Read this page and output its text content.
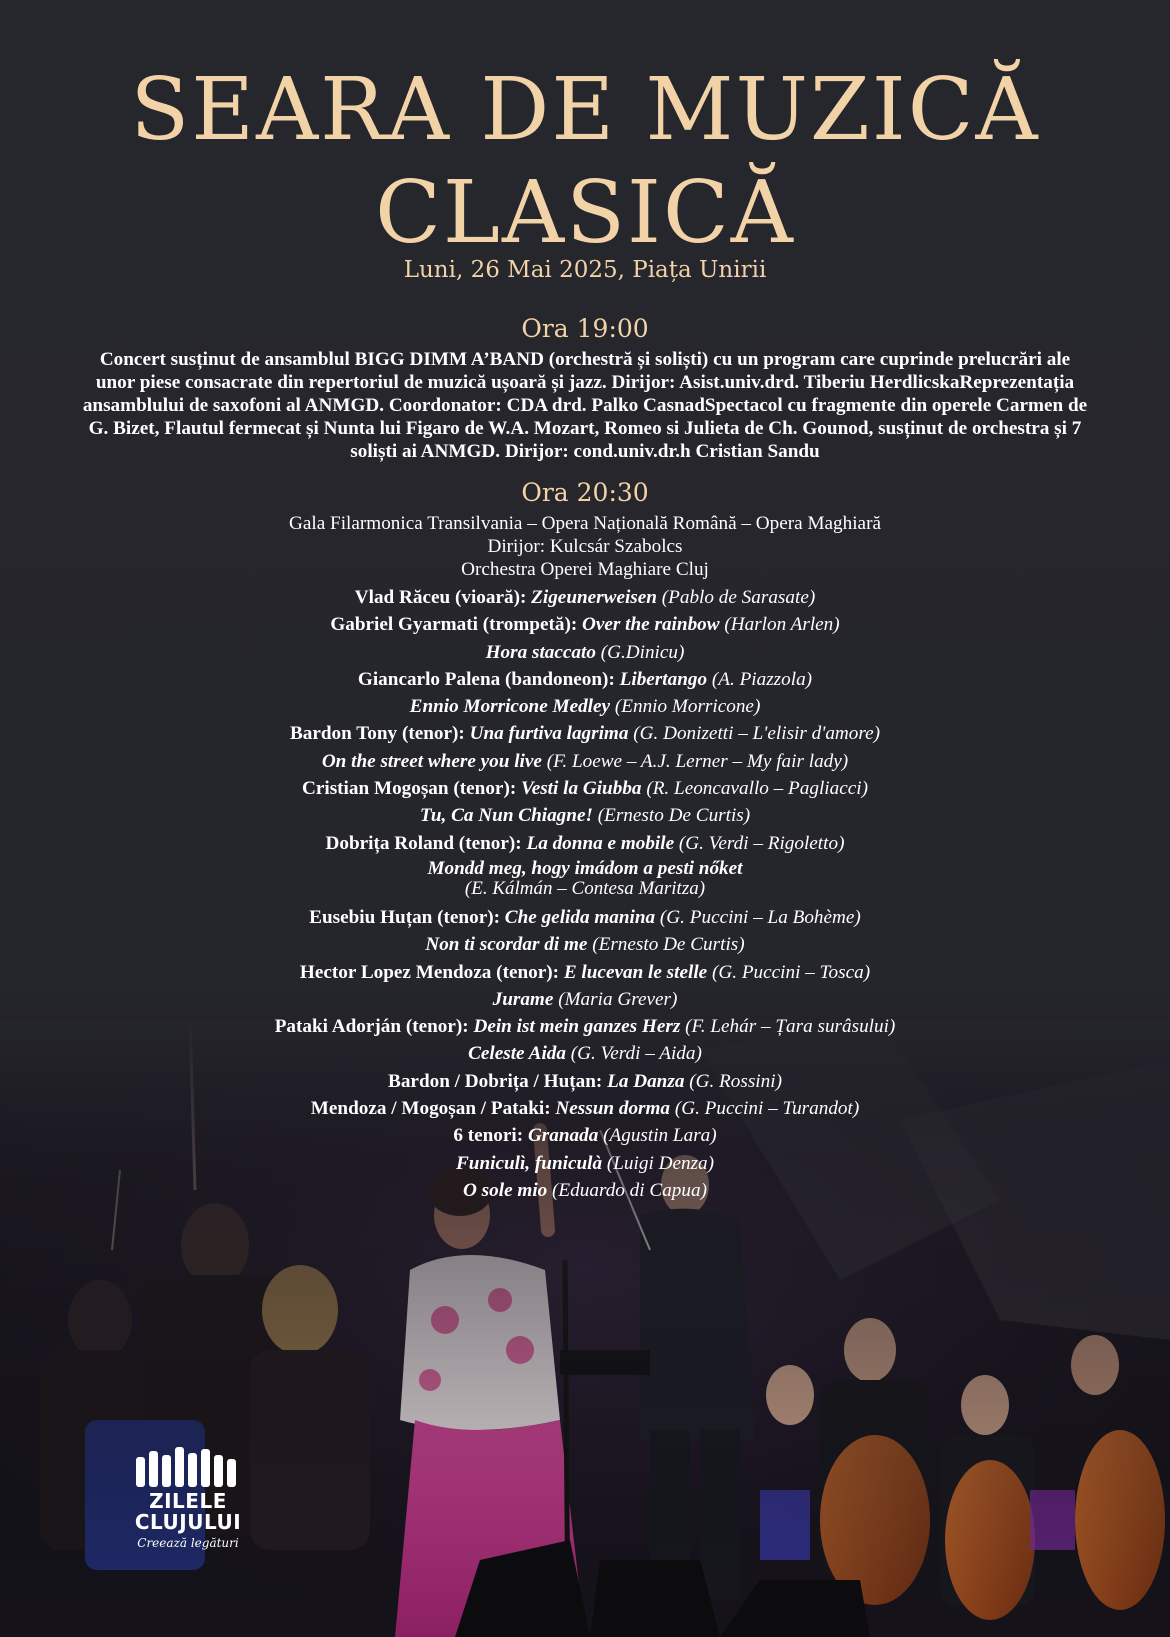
SEARA DE MUZICĂ
CLASICĂ
Luni, 26 Mai 2025, Piața Unirii
Ora 19:00
Concert susținut de ansamblul BIGG DIMM A’BAND (orchestră și soliști) cu un program care cuprinde prelucrări ale unor piese consacrate din repertoriul de muzică ușoară și jazz. Dirijor: Asist.univ.drd. Tiberiu HerdlicskaReprezentația ansamblului de saxofoni al ANMGD. Coordonator: CDA drd. Palko CasnadSpectacol cu fragmente din operele Carmen de G. Bizet, Flautul fermecat și Nunta lui Figaro de W.A. Mozart, Romeo si Julieta de Ch. Gounod, susținut de orchestra și 7 soliști ai ANMGD. Dirijor: cond.univ.dr.h Cristian Sandu
Ora 20:30
Gala Filarmonica Transilvania – Opera Națională Română – Opera Maghiară
Dirijor: Kulcsár Szabolcs
Orchestra Operei Maghiare Cluj
Vlad Răceu (vioară): Zigeunerweisen (Pablo de Sarasate)
Gabriel Gyarmati (trompetă): Over the rainbow (Harlon Arlen)
Hora staccato (G.Dinicu)
Giancarlo Palena (bandoneon): Libertango (A. Piazzola)
Ennio Morricone Medley (Ennio Morricone)
Bardon Tony (tenor): Una furtiva lagrima (G. Donizetti – L'elisir d'amore)
On the street where you live (F. Loewe – A.J. Lerner – My fair lady)
Cristian Mogoșan (tenor): Vesti la Giubba (R. Leoncavallo – Pagliacci)
Tu, Ca Nun Chiagne! (Ernesto De Curtis)
Dobrița Roland (tenor): La donna e mobile (G. Verdi – Rigoletto)
Mondd meg, hogy imádom a pesti nőket
(E. Kálmán – Contesa Maritza)
Eusebiu Huțan (tenor): Che gelida manina (G. Puccini – La Bohème)
Non ti scordar di me (Ernesto De Curtis)
Hector Lopez Mendoza (tenor): E lucevan le stelle (G. Puccini – Tosca)
Jurame (Maria Grever)
Pataki Adorján (tenor): Dein ist mein ganzes Herz (F. Lehár – Țara surâsului)
Celeste Aida (G. Verdi – Aida)
Bardon / Dobrița / Huțan: La Danza (G. Rossini)
Mendoza / Mogoșan / Pataki: Nessun dorma (G. Puccini – Turandot)
6 tenori: Granada (Agustin Lara)
Funiculì, funiculà (Luigi Denza)
O sole mio (Eduardo di Capua)
ZILELE
CLUJULUI
Creează legături
